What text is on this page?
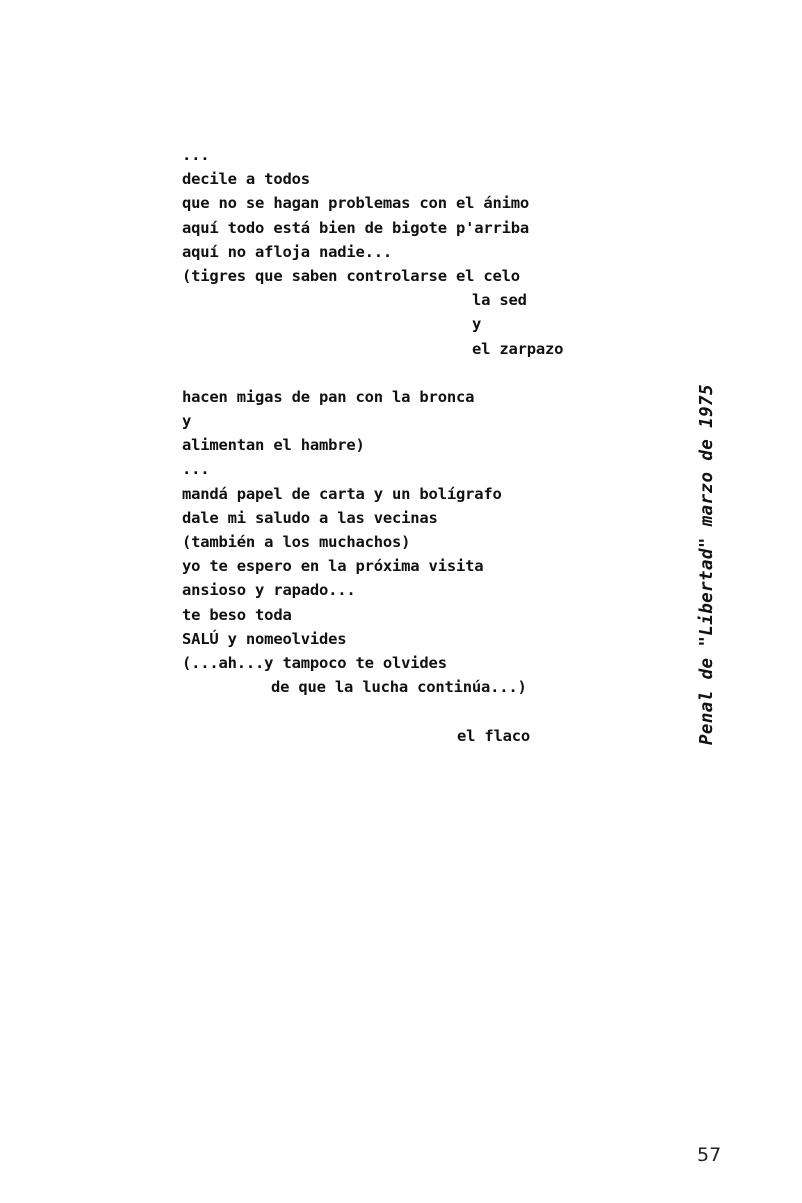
...
decile a todos
que no se hagan problemas con el ánimo
aquí todo está bien de bigote p'arriba
aquí no afloja nadie...
(tigres que saben controlarse el celo
la sed
y
el zarpazo
hacen migas de pan con la bronca
y
alimentan el hambre)
...
mandá papel de carta y un bolígrafo
dale mi saludo a las vecinas
(también a los muchachos)
yo te espero en la próxima visita
ansioso y rapado...
te beso toda
SALÚ y nomeolvides
(...ah...y tampoco te olvides
de que la lucha continúa...)
el flaco	Penal de "Libertad" marzo de 1975
57
